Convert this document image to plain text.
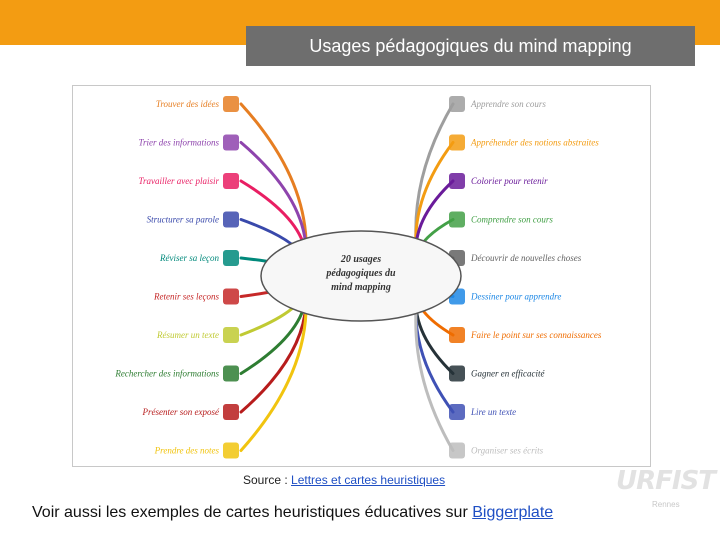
Usages pédagogiques du mind mapping
Trouver des idées
Trier des informations
Travailler avec plaisir
Structurer sa parole
Réviser sa leçon
Retenir ses leçons
Résumer un texte
Rechercher des informations
Présenter son exposé
Prendre des notes
Apprendre son cours
Appréhender des notions abstraites
Colorier pour retenir
Comprendre son cours
Découvrir de nouvelles choses
Dessiner pour apprendre
Faire le point sur ses connaissances
Gagner en efficacité
Lire un texte
Organiser ses écrits
20 usages
pédagogiques du
mind mapping
Source : Lettres et cartes heuristiques
Voir aussi les exemples de cartes heuristiques éducatives sur Biggerplate
URFIST
Rennes
